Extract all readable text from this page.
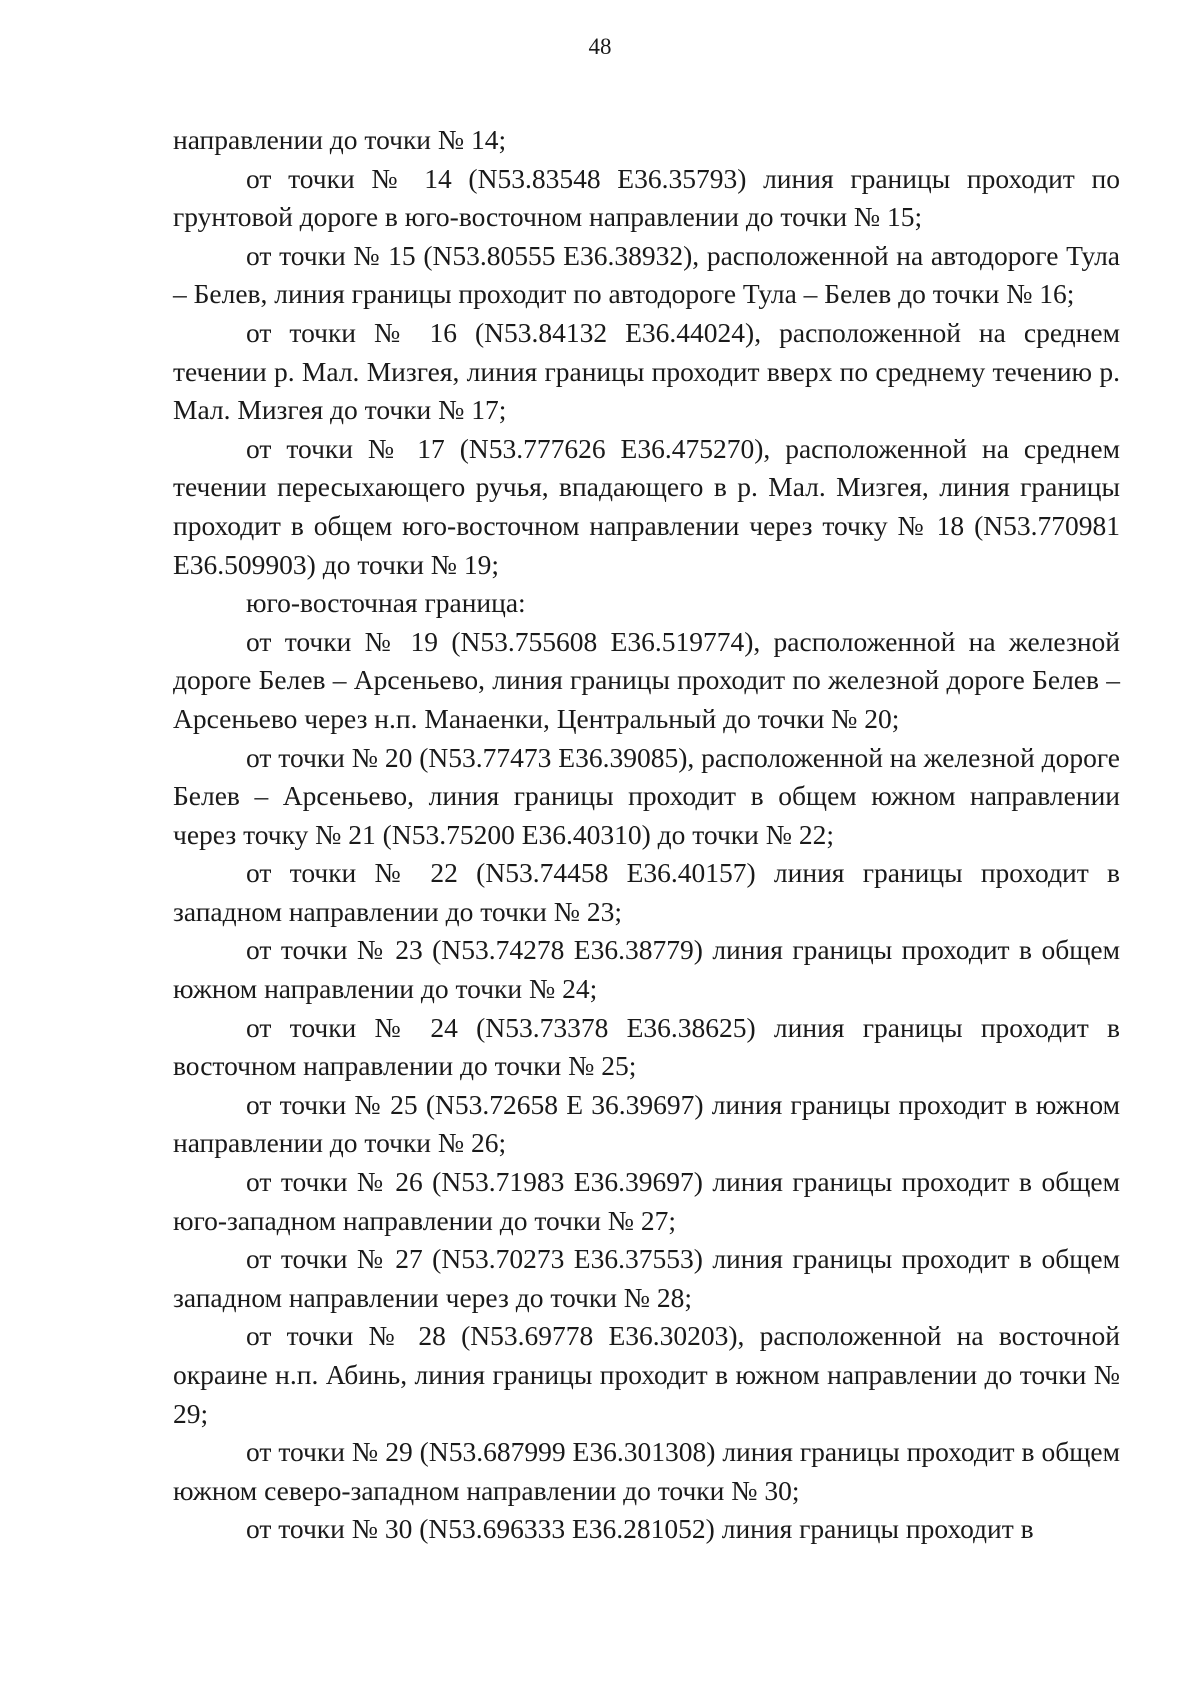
48

направлении до точки № 14;

от точки № 14 (N53.83548 E36.35793) линия границы проходит по грунтовой дороге в юго-восточном направлении до точки № 15;

от точки № 15 (N53.80555 E36.38932), расположенной на автодороге Тула – Белев, линия границы проходит по автодороге Тула – Белев до точки № 16;

от точки № 16 (N53.84132 E36.44024), расположенной на среднем течении р. Мал. Мизгея, линия границы проходит вверх по среднему течению р. Мал. Мизгея до точки № 17;

от точки № 17 (N53.777626 E36.475270), расположенной на среднем течении пересыхающего ручья, впадающего в р. Мал. Мизгея, линия границы проходит в общем юго-восточном направлении через точку № 18 (N53.770981 E36.509903) до точки № 19;

юго-восточная граница:

от точки № 19 (N53.755608 E36.519774), расположенной на железной дороге Белев – Арсеньево, линия границы проходит по железной дороге Белев – Арсеньево через н.п. Манаенки, Центральный до точки № 20;

от точки № 20 (N53.77473 E36.39085), расположенной на железной дороге Белев – Арсеньево, линия границы проходит в общем южном направлении через точку № 21 (N53.75200 E36.40310) до точки № 22;

от точки № 22 (N53.74458 E36.40157) линия границы проходит в западном направлении до точки № 23;

от точки № 23 (N53.74278 E36.38779) линия границы проходит в общем южном направлении до точки № 24;

от точки № 24 (N53.73378 E36.38625) линия границы проходит в восточном направлении до точки № 25;

от точки № 25 (N53.72658 E 36.39697) линия границы проходит в южном направлении до точки № 26;

от точки № 26 (N53.71983 E36.39697) линия границы проходит в общем юго-западном направлении до точки № 27;

от точки № 27 (N53.70273 E36.37553) линия границы проходит в общем западном направлении через до точки № 28;

от точки № 28 (N53.69778 E36.30203), расположенной на восточной окраине н.п. Абинь, линия границы проходит в южном направлении до точки № 29;

от точки № 29 (N53.687999 E36.301308) линия границы проходит в общем южном северо-западном направлении до точки № 30;

от точки № 30 (N53.696333 E36.281052) линия границы проходит в
